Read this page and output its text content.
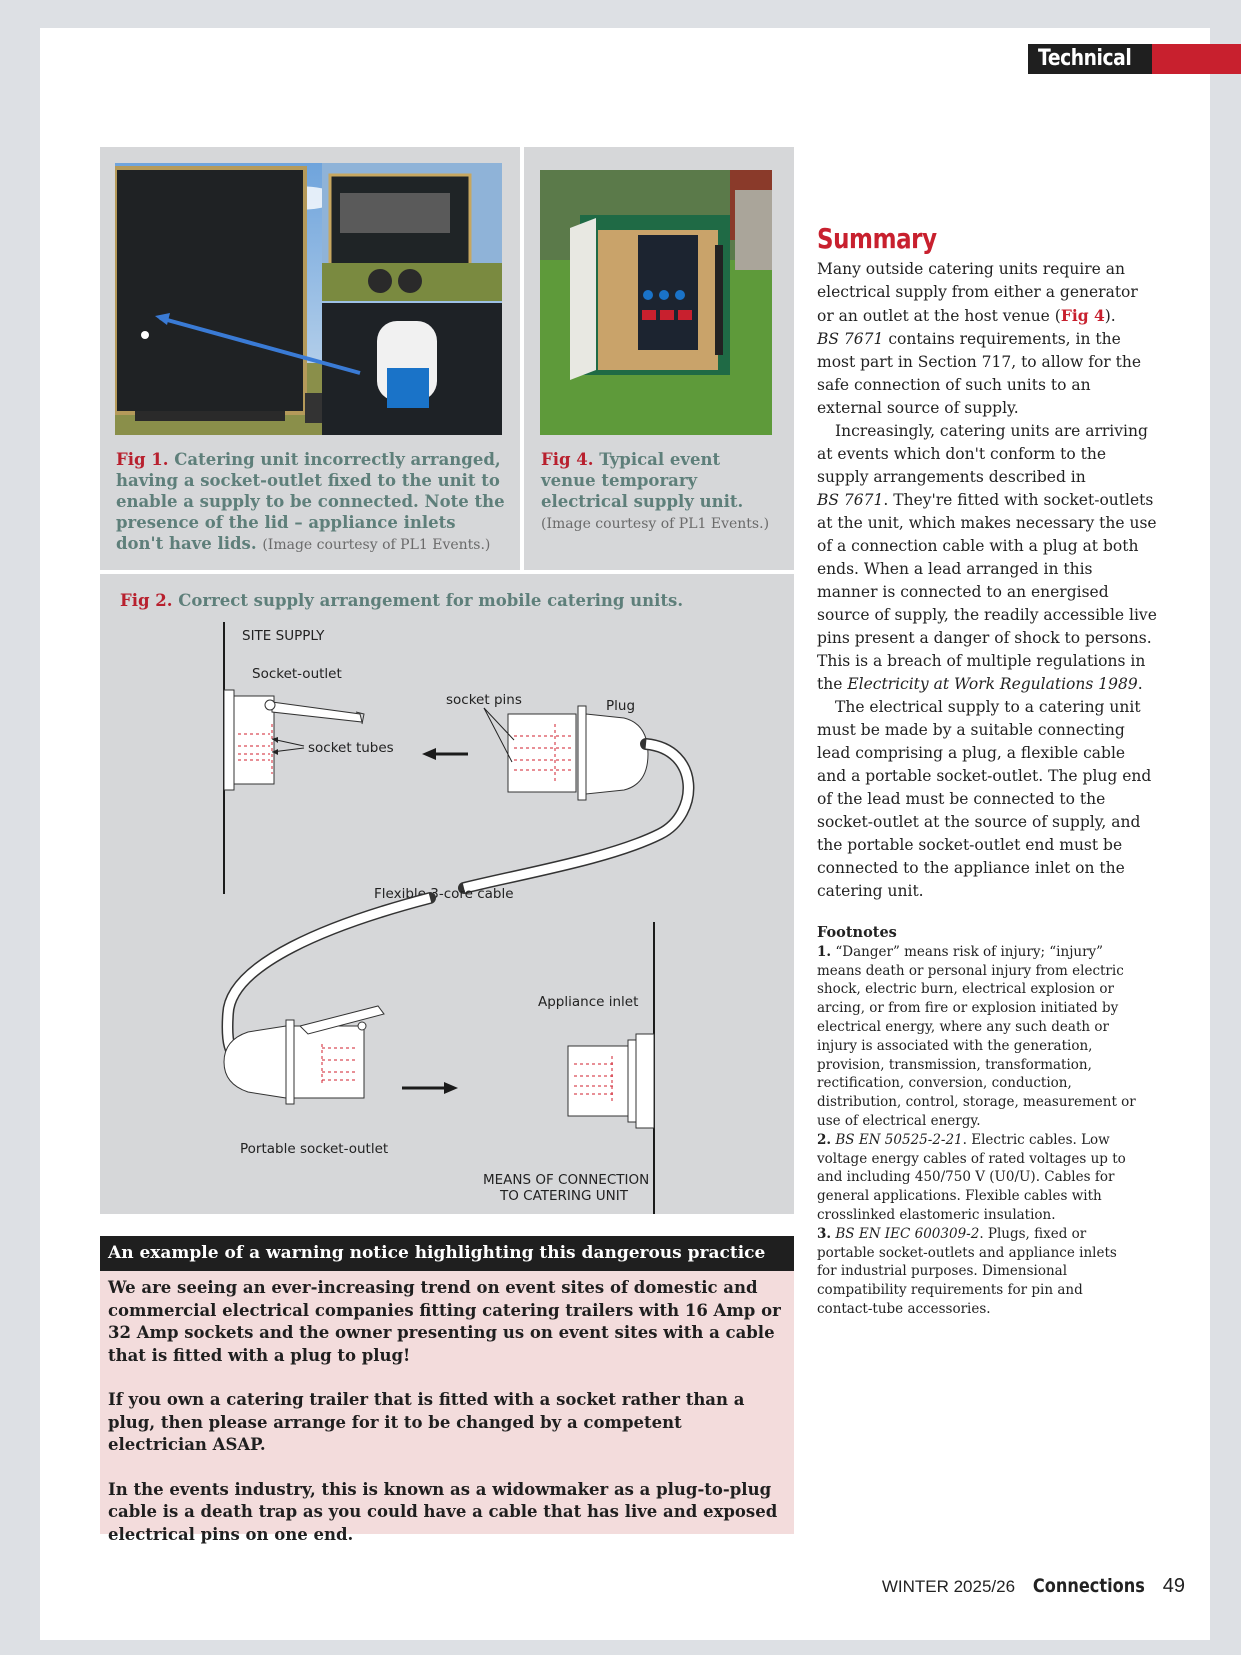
Technical
Fig 1. Catering unit incorrectly arranged, having a socket-outlet fixed to the unit to enable a supply to be connected. Note the presence of the lid – appliance inlets don't have lids. (Image courtesy of PL1 Events.)
Fig 4. Typical event venue temporary electrical supply unit. (Image courtesy of PL1 Events.)
Fig 2. Correct supply arrangement for mobile catering units.
SITE SUPPLY
Socket-outlet
socket tubes
socket pins	Plug
Flexible 3-core cable
Portable socket-outlet
Appliance inlet
MEANS OF CONNECTION
TO CATERING UNIT
An example of a warning notice highlighting this dangerous practice

We are seeing an ever-increasing trend on event sites of domestic and commercial electrical companies fitting catering trailers with 16 Amp or 32 Amp sockets and the owner presenting us on event sites with a cable that is fitted with a plug to plug!

If you own a catering trailer that is fitted with a socket rather than a plug, then please arrange for it to be changed by a competent electrician ASAP.

In the events industry, this is known as a widowmaker as a plug-to-plug cable is a death trap as you could have a cable that has live and exposed electrical pins on one end.

Summary

Many outside catering units require an electrical supply from either a generator or an outlet at the host venue (Fig 4).
BS 7671 contains requirements, in the most part in Section 717, to allow for the safe connection of such units to an external source of supply.

Increasingly, catering units are arriving at events which don't conform to the supply arrangements described in
BS 7671. They're fitted with socket-outlets at the unit, which makes necessary the use of a connection cable with a plug at both ends. When a lead arranged in this manner is connected to an energised source of supply, the readily accessible live pins present a danger of shock to persons. This is a breach of multiple regulations in the Electricity at Work Regulations 1989.

The electrical supply to a catering unit must be made by a suitable connecting lead comprising a plug, a flexible cable and a portable socket-outlet. The plug end of the lead must be connected to the socket-outlet at the source of supply, and the portable socket-outlet end must be connected to the appliance inlet on the catering unit.

Footnotes

1. “Danger” means risk of injury; “injury” means death or personal injury from electric shock, electric burn, electrical explosion or arcing, or from fire or explosion initiated by electrical energy, where any such death or injury is associated with the generation, provision, transmission, transformation, rectification, conversion, conduction, distribution, control, storage, measurement or use of electrical energy.

2. BS EN 50525-2-21. Electric cables. Low voltage energy cables of rated voltages up to and including 450/750 V (U0/U). Cables for general applications. Flexible cables with crosslinked elastomeric insulation.

3. BS EN IEC 600309-2. Plugs, fixed or portable socket-outlets and appliance inlets for industrial purposes. Dimensional compatibility requirements for pin and contact-tube accessories.

WINTER 2025/26 Connections 49
